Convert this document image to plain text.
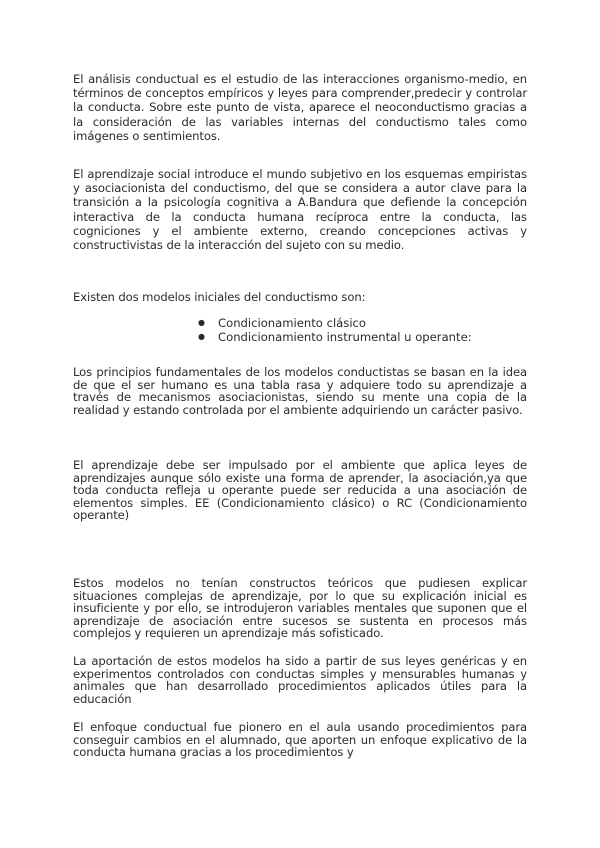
El análisis conductual es el estudio de las interacciones organismo-medio, en términos de conceptos empíricos y leyes para comprender,predecir y controlar la conducta. Sobre este punto de vista, aparece el neoconductismo gracias a la consideración de las variables internas del conductismo tales como imágenes o sentimientos.

El aprendizaje social introduce el mundo subjetivo en los esquemas empiristas y asociacionista del conductismo, del que se considera a autor clave para la transición a la psicología cognitiva a A.Bandura que defiende la concepción interactiva de la conducta humana recíproca entre la conducta, las cogniciones y el ambiente externo, creando concepciones activas y constructivistas de la interacción del sujeto con su medio.

Existen dos modelos iniciales del conductismo son:

● Condicionamiento clásico
● Condicionamiento instrumental u operante:

Los principios fundamentales de los modelos conductistas se basan en la idea de que el ser humano es una tabla rasa y adquiere todo su aprendizaje a través de mecanismos asociacionistas, siendo su mente una copia de la realidad y estando controlada por el ambiente adquiriendo un carácter pasivo.

El aprendizaje debe ser impulsado por el ambiente que aplica leyes de aprendizajes aunque sólo existe una forma de aprender, la asociación,ya que toda conducta refleja u operante puede ser reducida a una asociación de elementos simples. EE (Condicionamiento clásico) o RC (Condicionamiento operante)

Estos modelos no tenían constructos teóricos que pudiesen explicar situaciones complejas de aprendizaje, por lo que su explicación inicial es insuficiente y por ello, se introdujeron variables mentales que suponen que el aprendizaje de asociación entre sucesos se sustenta en procesos más complejos y requieren un aprendizaje más sofisticado.

La aportación de estos modelos ha sido a partir de sus leyes genéricas y en experimentos controlados con conductas simples y mensurables humanas y animales que han desarrollado procedimientos aplicados útiles para la educación

El enfoque conductual fue pionero en el aula usando procedimientos para conseguir cambios en el alumnado, que aporten un enfoque explicativo de la conducta humana gracias a los procedimientos y
